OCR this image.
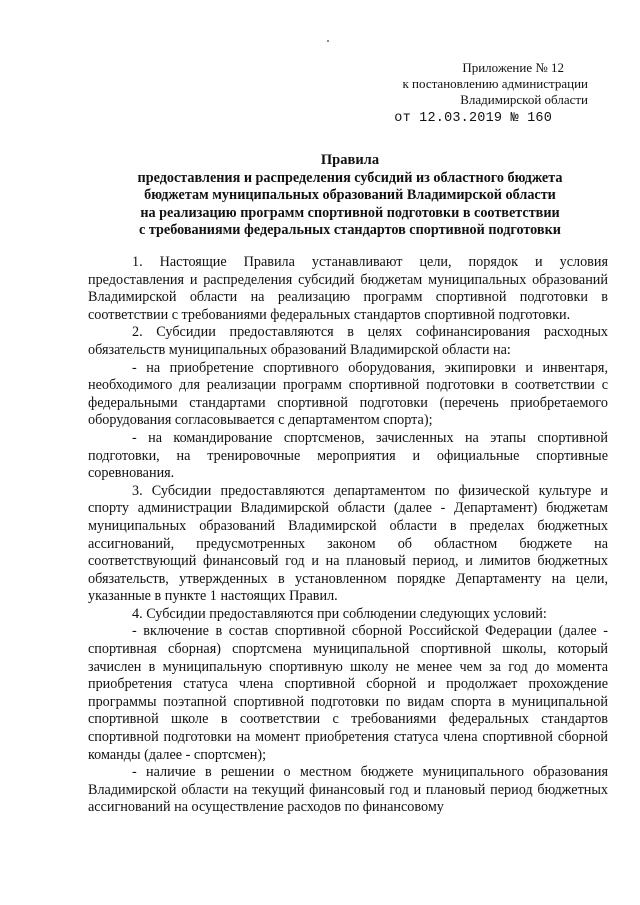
Приложение № 12
к постановлению администрации
Владимирской области
от 12.03.2019 № 160
Правила
предоставления и распределения субсидий из областного бюджета
бюджетам муниципальных образований Владимирской области
на реализацию программ спортивной подготовки в соответствии
с требованиями федеральных стандартов спортивной подготовки

1. Настоящие Правила устанавливают цели, порядок и условия предоставления и распределения субсидий бюджетам муниципальных образований Владимирской области на реализацию программ спортивной подготовки в соответствии с требованиями федеральных стандартов спортивной подготовки.

2. Субсидии предоставляются в целях софинансирования расходных обязательств муниципальных образований Владимирской области на:

- на приобретение спортивного оборудования, экипировки и инвентаря, необходимого для реализации программ спортивной подготовки в соответствии с федеральными стандартами спортивной подготовки (перечень приобретаемого оборудования согласовывается с департаментом спорта);

- на командирование спортсменов, зачисленных на этапы спортивной подготовки, на тренировочные мероприятия и официальные спортивные соревнования.

3. Субсидии предоставляются департаментом по физической культуре и спорту администрации Владимирской области (далее - Департамент) бюджетам муниципальных образований Владимирской области в пределах бюджетных ассигнований, предусмотренных законом об областном бюджете на соответствующий финансовый год и на плановый период, и лимитов бюджетных обязательств, утвержденных в установленном порядке Департаменту на цели, указанные в пункте 1 настоящих Правил.

4. Субсидии предоставляются при соблюдении следующих условий:

- включение в состав спортивной сборной Российской Федерации (далее - спортивная сборная) спортсмена муниципальной спортивной школы, который зачислен в муниципальную спортивную школу не менее чем за год до момента приобретения статуса члена спортивной сборной и продолжает прохождение программы поэтапной спортивной подготовки по видам спорта в муниципальной спортивной школе в соответствии с требованиями федеральных стандартов спортивной подготовки на момент приобретения статуса члена спортивной сборной команды (далее - спортсмен);

- наличие в решении о местном бюджете муниципального образования Владимирской области на текущий финансовый год и плановый период бюджетных ассигнований на осуществление расходов по финансовому
